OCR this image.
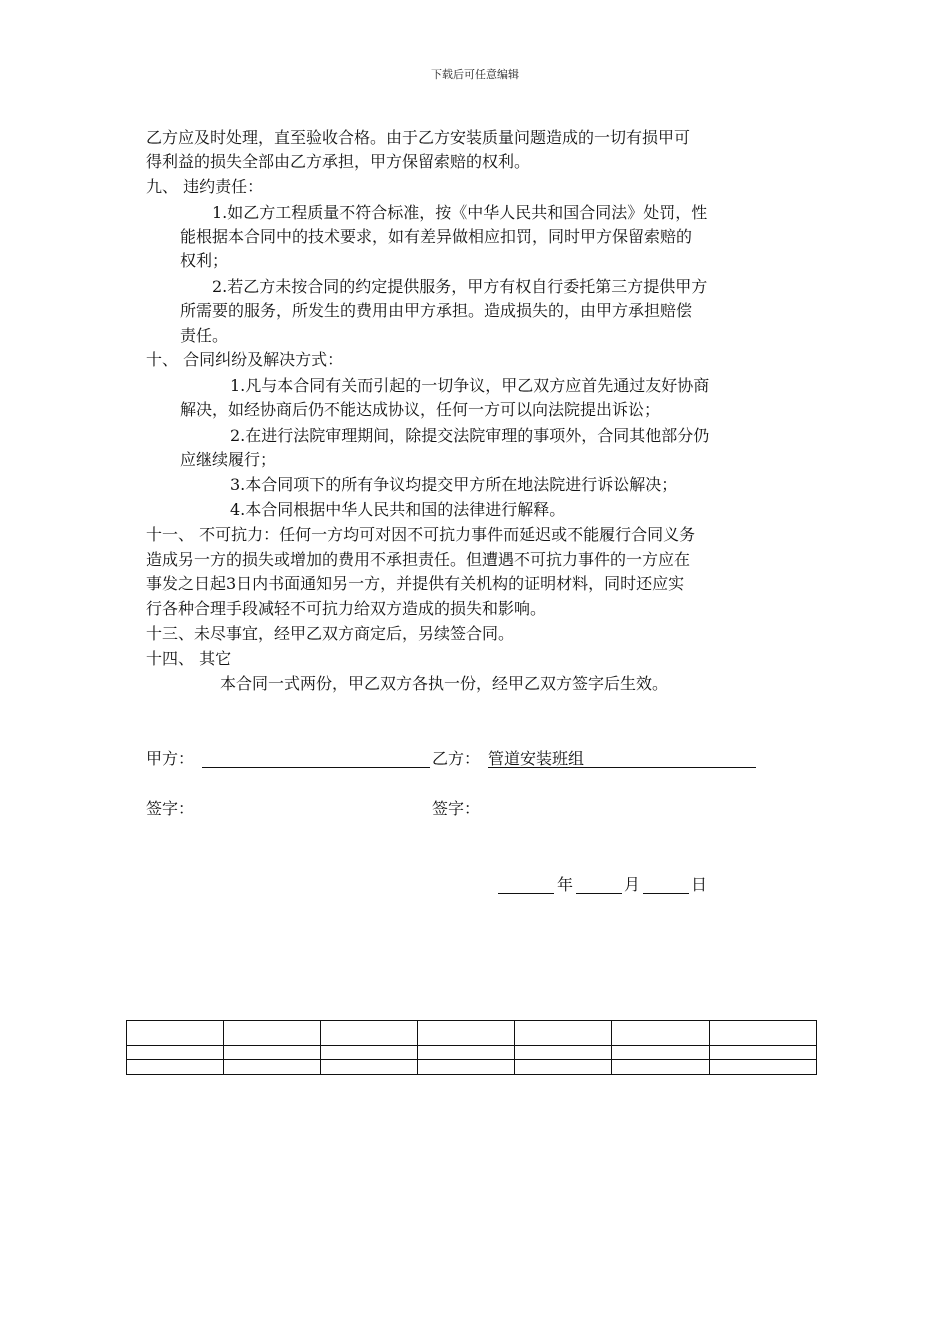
下载后可任意编辑
乙方应及时处理，直至验收合格。由于乙方安装质量问题造成的一切有损甲可
得利益的损失全部由乙方承担，甲方保留索赔的权利。
九、 违约责任：
1.如乙方工程质量不符合标准，按《中华人民共和国合同法》处罚，性
能根据本合同中的技术要求，如有差异做相应扣罚，同时甲方保留索赔的
权利；
2.若乙方未按合同的约定提供服务，甲方有权自行委托第三方提供甲方
所需要的服务，所发生的费用由甲方承担。造成损失的，由甲方承担赔偿
责任。
十、 合同纠纷及解决方式：
1.凡与本合同有关而引起的一切争议，甲乙双方应首先通过友好协商
解决，如经协商后仍不能达成协议，任何一方可以向法院提出诉讼；
2.在进行法院审理期间，除提交法院审理的事项外，合同其他部分仍
应继续履行；
3.本合同项下的所有争议均提交甲方所在地法院进行诉讼解决；
4.本合同根据中华人民共和国的法律进行解释。
十一、 不可抗力：任何一方均可对因不可抗力事件而延迟或不能履行合同义务
造成另一方的损失或增加的费用不承担责任。但遭遇不可抗力事件的一方应在
事发之日起3日内书面通知另一方，并提供有关机构的证明材料，同时还应实
行各种合理手段减轻不可抗力给双方造成的损失和影响。
十三、未尽事宜，经甲乙双方商定后，另续签合同。
十四、 其它
本合同一式两份，甲乙双方各执一份，经甲乙双方签字后生效。
甲方：	乙方： 管道安装班组
签字：	签字：
年	月	日
